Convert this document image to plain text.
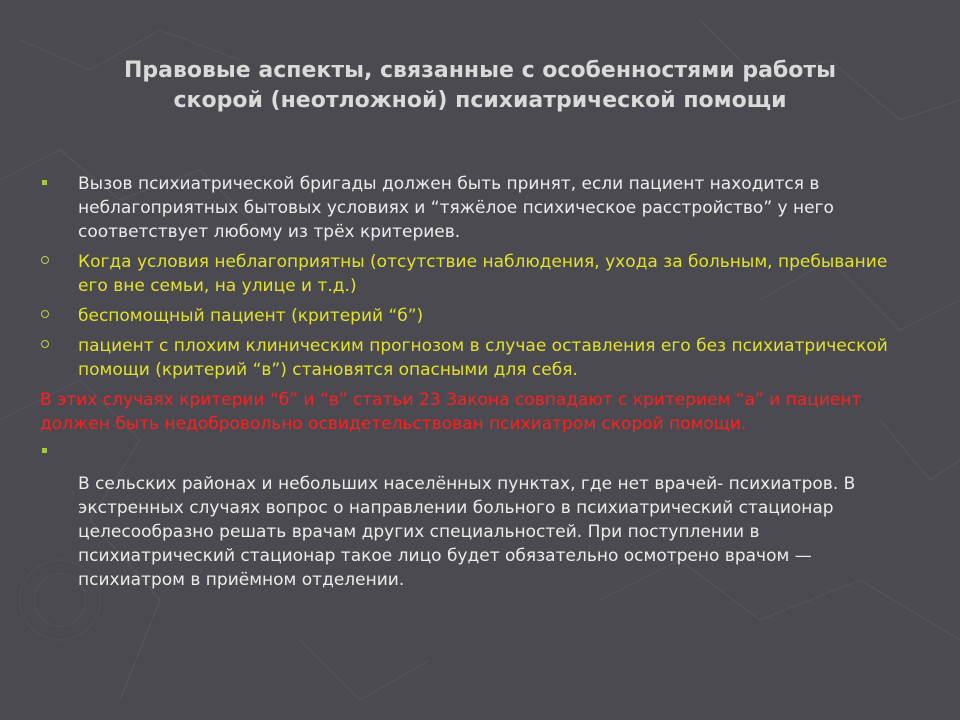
Правовые аспекты, связанные с особенностями работы
скорой (неотложной) психиатрической помощи
Вызов психиатрической бригады должен быть принят, если пациент находится в неблагоприятных бытовых условиях и “тяжёлое психическое расстройство” у него соответствует любому из трёх критериев.
Когда условия неблагоприятны (отсутствие наблюдения, ухода за больным, пребывание его вне семьи, на улице и т.д.)
беспомощный пациент (критерий “б”)
пациент с плохим клиническим прогнозом в случае оставления его без психиатрической помощи (критерий “в”) становятся опасными для себя.
В этих случаях критерии “б” и “в” статьи 23 Закона совпадают с критерием “а” и пациент должен быть недобровольно освидетельствован психиатром скорой помощи.

В сельских районах и небольших населённых пунктах, где нет врачей- психиатров. В экстренных случаях вопрос о направлении больного в психиатрический стационар целесообразно решать врачам других специальностей. При поступлении в психиатрический стационар такое лицо будет обязательно осмотрено врачом — психиатром в приёмном отделении.
